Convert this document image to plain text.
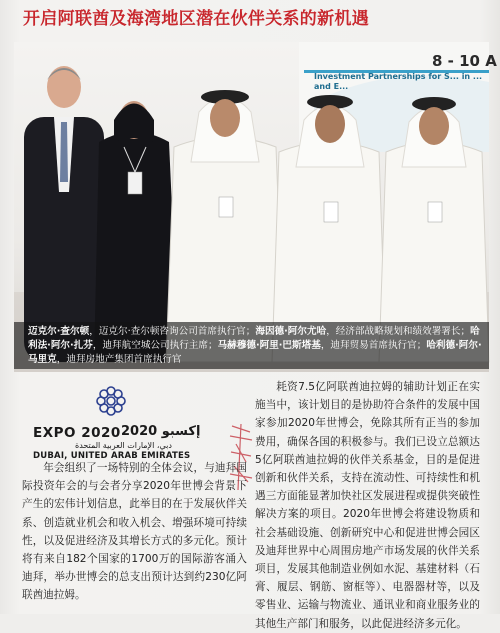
开启阿联酋及海湾地区潜在伙伴关系的新机遇
8 - 10 A
Investment Partnerships for S... in ... and E...
迈克尔·查尔顿，迈克尔·查尔顿咨询公司首席执行官；海因德·阿尔尤哈，经济部战略规划和绩效署署长；哈利法·阿尔·扎芬，迪拜航空城公司执行主席；马赫穆德·阿里·巴斯塔基，迪拜贸易首席执行官；哈利德·阿尔·马里克，迪拜房地产集团首席执行官
EXPO 2020 إكسبو 2020
دبي، الإمارات العربية المتحدة
DUBAI, UNITED ARAB EMIRATES

年会组织了一场特别的全体会议，与迪拜国际投资年会的与会者分享2020年世博会背景下产生的宏伟计划信息，此举目的在于发展伙伴关系、创造就业机会和收入机会、增强环境可持续性，以及促进经济及其增长方式的多元化。预计将有来自182个国家的1700万的国际游客涌入迪拜，举办世博会的总支出预计达到约230亿阿联酋迪拉姆。

耗资7.5亿阿联酋迪拉姆的辅助计划正在实施当中，该计划目的是协助符合条件的发展中国家参加2020年世博会，免除其所有正当的参加费用，确保各国的积极参与。我们已设立总额达5亿阿联酋迪拉姆的伙伴关系基金，目的是促进创新和伙伴关系，支持在流动性、可持续性和机遇三方面能显著加快社区发展进程或提供突破性解决方案的项目。2020年世博会将建设物质和社会基础设施、创新研究中心和促进世博会园区及迪拜世界中心周围房地产市场发展的伙伴关系项目，发展其他制造业例如水泥、基建材料（石膏、履层、钢筋、窗框等）、电器器材等，以及零售业、运输与物流业、通讯业和商业服务业的其他生产部门和服务，以此促进经济多元化。
